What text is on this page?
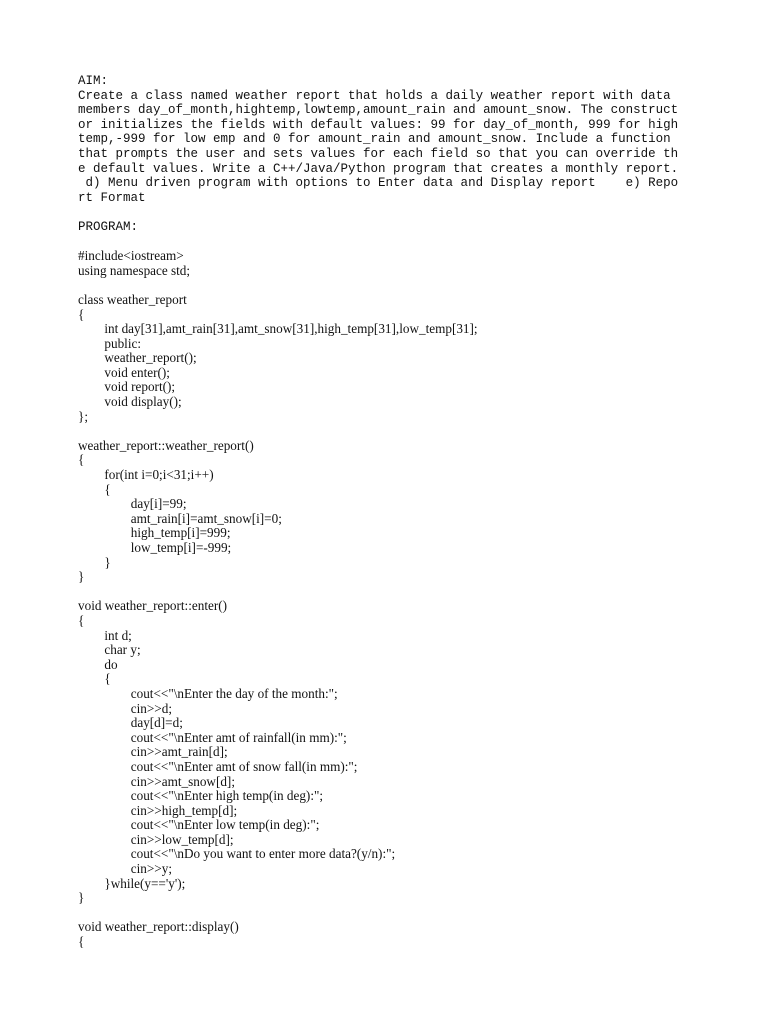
AIM:
Create a class named weather report that holds a daily weather report with data
members day_of_month,hightemp,lowtemp,amount_rain and amount_snow. The construct
or initializes the fields with default values: 99 for day_of_month, 999 for high
temp,-999 for low emp and 0 for amount_rain and amount_snow. Include a function
that prompts the user and sets values for each field so that you can override th
e default values. Write a C++/Java/Python program that creates a monthly report.
d) Menu driven program with options to Enter data and Display report    e) Repo
rt Format
PROGRAM:
#include<iostream>
using namespace std;
class weather_report
{
int day[31],amt_rain[31],amt_snow[31],high_temp[31],low_temp[31];
public:
weather_report();
void enter();
void report();
void display();
};
weather_report::weather_report()
{
for(int i=0;i<31;i++)
{
day[i]=99;
amt_rain[i]=amt_snow[i]=0;
high_temp[i]=999;
low_temp[i]=-999;
}
}
void weather_report::enter()
{
int d;
char y;
do
{
cout<<"\nEnter the day of the month:";
cin>>d;
day[d]=d;
cout<<"\nEnter amt of rainfall(in mm):";
cin>>amt_rain[d];
cout<<"\nEnter amt of snow fall(in mm):";
cin>>amt_snow[d];
cout<<"\nEnter high temp(in deg):";
cin>>high_temp[d];
cout<<"\nEnter low temp(in deg):";
cin>>low_temp[d];
cout<<"\nDo you want to enter more data?(y/n):";
cin>>y;
}while(y=='y');
}
void weather_report::display()
{
